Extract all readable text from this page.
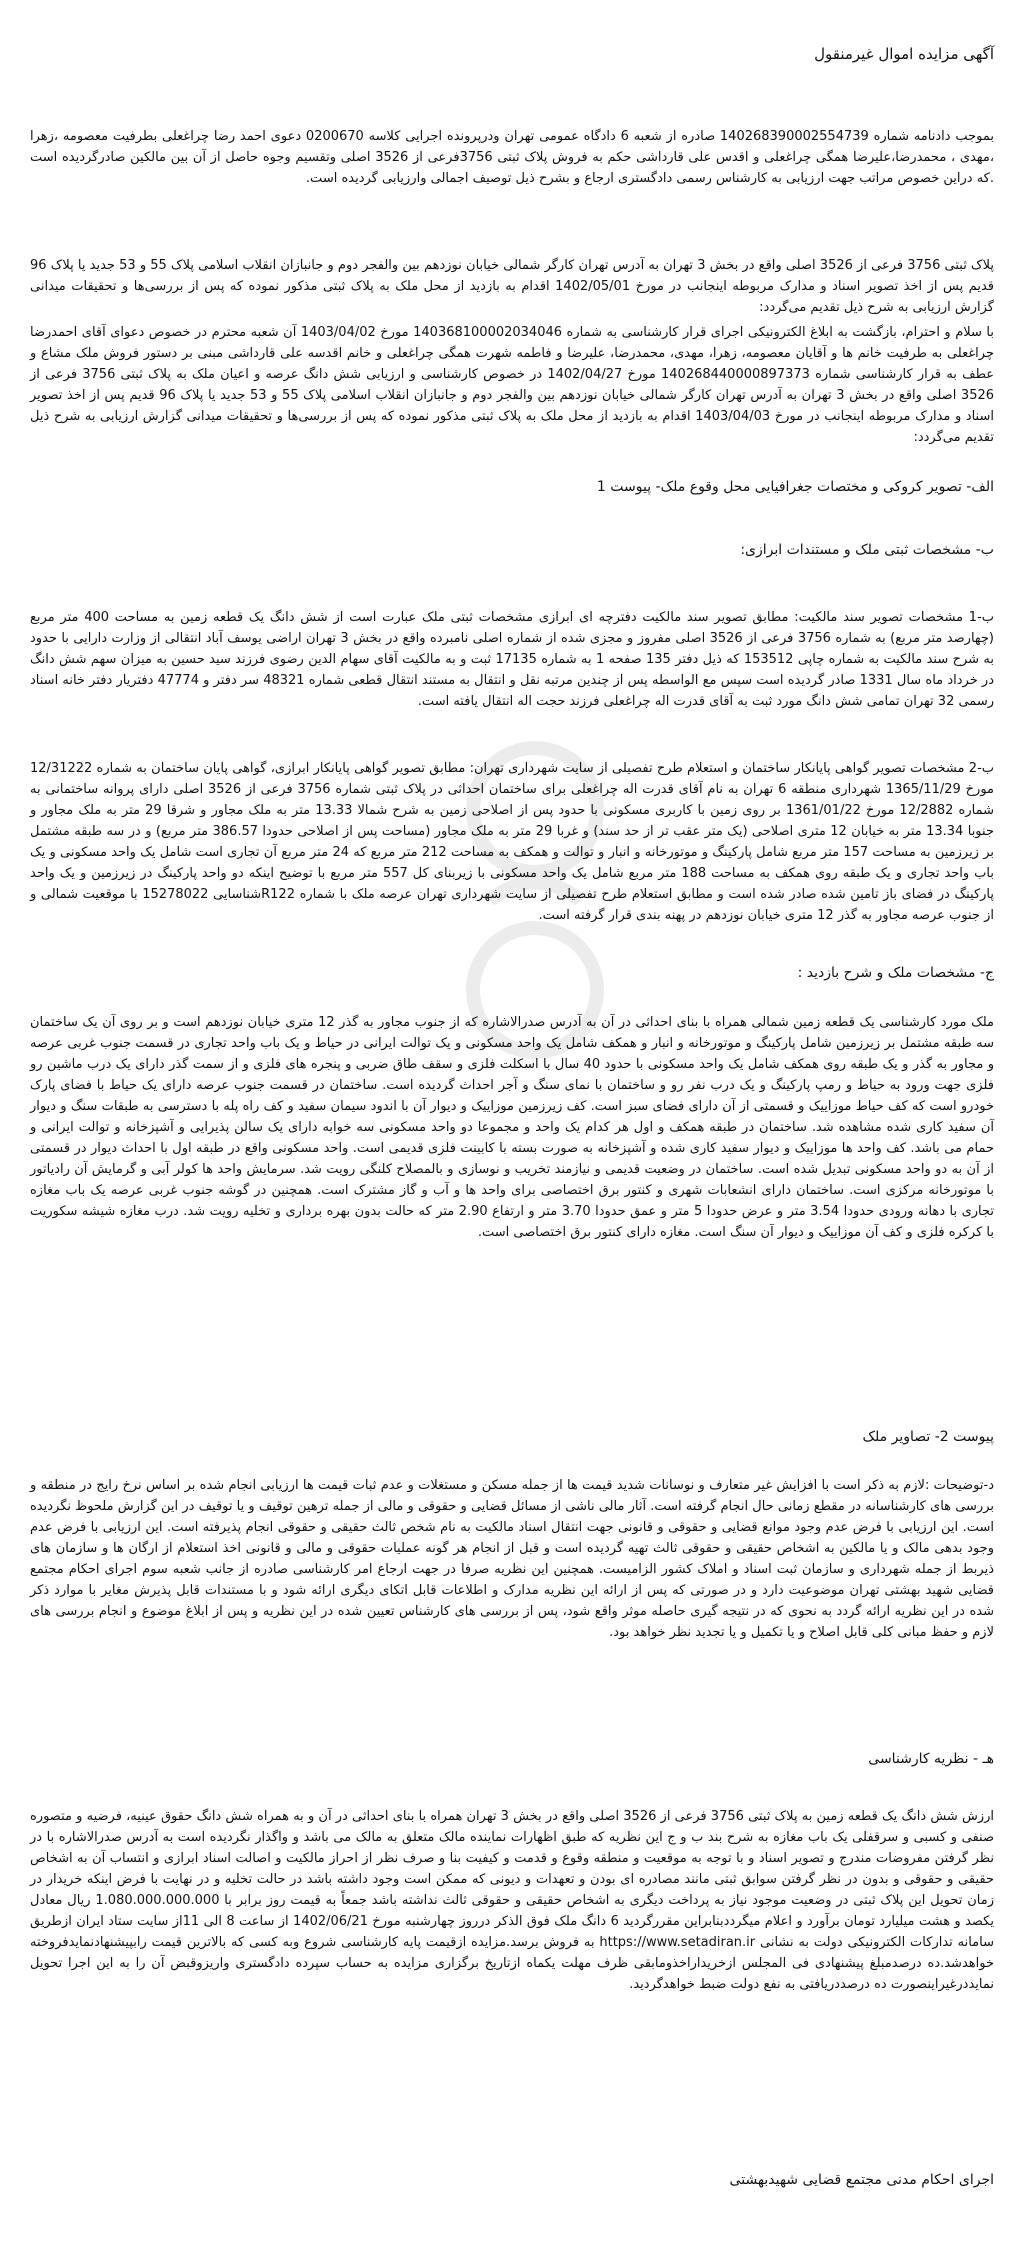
آگهی مزایده اموال غیرمنقول
بموجب دادنامه شماره 140268390002554739 صادره از شعبه 6 دادگاه عمومی تهران ودرپرونده اجرایی کلاسه 0200670 دعوی احمد رضا چراغعلی بطرفیت معصومه ،زهرا ،مهدی ، محمدرضا،علیرضا همگی چراغعلی و اقدس علی قارداشی حکم به فروش پلاک ثبتی 3756فرعی از 3526 اصلی وتقسیم وجوه حاصل از آن بین مالکین صادرگردیده است .که دراین خصوص مراتب جهت ارزیابی به کارشناس رسمی دادگستری ارجاع و بشرح ذیل توصیف اجمالی وارزیابی گردیده است.
پلاک ثبتی 3756 فرعی از 3526 اصلی واقع در بخش 3 تهران به آدرس تهران کارگر شمالی خیابان نوزدهم بین والفجر دوم و جانبازان انقلاب اسلامی پلاک 55 و 53 جدید یا پلاک 96 قدیم پس از اخذ تصویر اسناد و مدارک مربوطه اینجانب در مورخ 1402/05/01 اقدام به بازدید از محل ملک به پلاک ثبتی مذکور نموده که پس از بررسی‌ها و تحقیقات میدانی گزارش ارزیابی به شرح ذیل تقدیم می‌گردد:
با سلام و احترام، بازگشت به ابلاغ الکترونیکی اجرای قرار کارشناسی به شماره 140368100002034046 مورخ 1403/04/02 آن شعبه محترم در خصوص دعوای آقای احمدرضا چراغعلی به طرفیت خانم ها و آقایان معصومه، زهرا، مهدی، محمدرضا، علیرضا و فاطمه شهرت همگی چراغعلی و خانم اقدسه علی قارداشی مبنی بر دستور فروش ملک مشاع و عطف به قرار کارشناسی شماره 140268440000897373 مورخ 1402/04/27 در خصوص کارشناسی و ارزیابی شش دانگ عرصه و اعیان ملک به پلاک ثبتی 3756 فرعی از 3526 اصلی واقع در بخش 3 تهران به آدرس تهران کارگر شمالی خیابان نوزدهم بین والفجر دوم و جانبازان انقلاب اسلامی پلاک 55 و 53 جدید یا پلاک 96 قدیم پس از اخذ تصویر اسناد و مدارک مربوطه اینجانب در مورخ 1403/04/03 اقدام به بازدید از محل ملک به پلاک ثبتی مذکور نموده که پس از بررسی‌ها و تحقیقات میدانی گزارش ارزیابی به شرح ذیل تقدیم می‌گردد:
الف- تصویر کروکی و مختصات جغرافیایی محل وقوع ملک- پیوست 1
ب- مشخصات ثبتی ملک و مستندات ابرازی:
ب-1 مشخصات تصویر سند مالکیت: مطابق تصویر سند مالکیت دفترچه ای ابرازی مشخصات ثبتی ملک عبارت است از شش دانگ یک قطعه زمین به مساحت 400 متر مربع (چهارصد متر مربع) به شماره 3756 فرعی از 3526 اصلی مفروز و مجزی شده از شماره اصلی نامبرده واقع در بخش 3 تهران اراضی یوسف آباد انتقالی از وزارت دارایی با حدود به شرح سند مالکیت به شماره چاپی 153512 که ذیل دفتر 135 صفحه 1 به شماره 17135 ثبت و به مالکیت آقای سهام الدین رضوی فرزند سید حسین به میزان سهم شش دانگ در خرداد ماه سال 1331 صادر گردیده است سپس مع الواسطه پس از چندین مرتبه نقل و انتقال به مستند انتقال قطعی شماره 48321 سر دفتر و 47774 دفتریار دفتر خانه اسناد رسمی 32 تهران تمامی شش دانگ مورد ثبت به آقای قدرت اله چراغعلی فرزند حجت اله انتقال یافته است.
ب-2 مشخصات تصویر گواهی پایانکار ساختمان و استعلام طرح تفصیلی از سایت شهرداری تهران: مطابق تصویر گواهی پایانکار ابرازی، گواهی پایان ساختمان به شماره 12/31222 مورخ 1365/11/29 شهرداری منطقه 6 تهران به نام آقای قدرت اله چراغعلی برای ساختمان احداثی در پلاک ثبتی شماره 3756 فرعی از 3526 اصلی دارای پروانه ساختمانی به شماره 12/2882 مورخ 1361/01/22 بر روی زمین با کاربری مسکونی با حدود پس از اصلاحی زمین به شرح شمالا 13.33 متر به ملک مجاور و شرقا 29 متر به ملک مجاور و جنوبا 13.34 متر به خیابان 12 متری اصلاحی (یک متر عقب تر از حد سند) و غربا 29 متر به ملک مجاور (مساحت پس از اصلاحی حدودا 386.57 متر مربع) و در سه طبقه مشتمل بر زیرزمین به مساحت 157 متر مربع شامل پارکینگ و موتورخانه و انبار و توالت و همکف به مساحت 212 متر مربع که 24 متر مربع آن تجاری است شامل یک واحد مسکونی و یک باب واحد تجاری و یک طبقه روی همکف به مساحت 188 متر مربع شامل یک واحد مسکونی با زیربنای کل 557 متر مربع با توضیح اینکه دو واحد پارکینگ در زیرزمین و یک واحد پارکینگ در فضای باز تامین شده صادر شده است و مطابق استعلام طرح تفصیلی از سایت شهرداری تهران عرصه ملک با شماره R122شناسایی 15278022 با موقعیت شمالی و از جنوب عرصه مجاور به گذر 12 متری خیابان نوزدهم در پهنه بندی قرار گرفته است.
ج- مشخصات ملک و شرح بازدید :
ملک مورد کارشناسی یک قطعه زمین شمالی همراه با بنای احداثی در آن به آدرس صدرالاشاره که از جنوب مجاور به گذر 12 متری خیابان نوزدهم است و بر روی آن یک ساختمان سه طبقه مشتمل بر زیرزمین شامل پارکینگ و موتورخانه و انبار و همکف شامل یک واحد مسکونی و یک توالت ایرانی در حیاط و یک باب واحد تجاری در قسمت جنوب غربی عرصه و مجاور به گذر و یک طبقه روی همکف شامل یک واحد مسکونی با حدود 40 سال با اسکلت فلزی و سقف طاق ضربی و پنجره های فلزی و از سمت گذر دارای یک درب ماشین رو فلزی جهت ورود به حیاط و رمپ پارکینگ و یک درب نفر رو و ساختمان با نمای سنگ و آجر احداث گردیده است. ساختمان در قسمت جنوب عرصه دارای یک حیاط با فضای پارک خودرو است که کف حیاط موزاییک و قسمتی از آن دارای فضای سبز است. کف زیرزمین موزاییک و دیوار آن با اندود سیمان سفید و کف راه پله با دسترسی به طبقات سنگ و دیوار آن سفید کاری شده مشاهده شد. ساختمان در طبقه همکف و اول هر کدام یک واحد و مجموعا دو واحد مسکونی سه خوابه دارای یک سالن پذیرایی و آشپزخانه و توالت ایرانی و حمام می باشد. کف واحد ها موزاییک و دیوار سفید کاری شده و آشپزخانه به صورت بسته با کابینت فلزی قدیمی است. واحد مسکونی واقع در طبقه اول با احداث دیوار در قسمتی از آن به دو واحد مسکونی تبدیل شده است. ساختمان در وضعیت قدیمی و نیازمند تخریب و نوسازی و بالمصلاح کلنگی رویت شد. سرمایش واحد ها کولر آبی و گرمایش آن رادیاتور با موتورخانه مرکزی است. ساختمان دارای انشعابات شهری و کنتور برق اختصاصی برای واحد ها و آب و گاز مشترک است. همچنین در گوشه جنوب غربی عرصه یک باب مغازه تجاری با دهانه ورودی حدودا 3.54 متر و عرض حدودا 5 متر و عمق حدودا 3.70 متر و ارتفاع 2.90 متر که حالت بدون بهره برداری و تخلیه رویت شد. درب مغازه شیشه سکوریت با کرکره فلزی و کف آن موزاییک و دیوار آن سنگ است. مغازه دارای کنتور برق اختصاصی است.
پیوست 2- تصاویر ملک
د-توضیحات :لازم به ذکر است با افزایش غیر متعارف و نوسانات شدید قیمت ها از جمله مسکن و مستغلات و عدم ثبات قیمت ها ارزیابی انجام شده بر اساس نرخ رایج در منطقه و بررسی های کارشناسانه در مقطع زمانی حال انجام گرفته است. آثار مالی ناشی از مسائل قضایی و حقوقی و مالی از جمله ترهین توقیف و یا توقیف در این گزارش ملحوظ نگردیده است. این ارزیابی با فرض عدم وجود موانع قضایی و حقوقی و قانونی جهت انتقال اسناد مالکیت به نام شخص ثالث حقیقی و حقوقی انجام پذیرفته است. این ارزیابی با فرض عدم وجود بدهی مالک و یا مالکین به اشخاص حقیقی و حقوقی ثالث تهیه گردیده است و قبل از انجام هر گونه عملیات حقوقی و مالی و قانونی اخذ استعلام از ارگان ها و سازمان های ذیربط از جمله شهرداری و سازمان ثبت اسناد و املاک کشور الزامیست. همچنین این نظریه صرفا در جهت ارجاع امر کارشناسی صادره از جانب شعبه سوم اجرای احکام مجتمع قضایی شهید بهشتی تهران موضوعیت دارد و در صورتی که پس از ارائه این نظریه مدارک و اطلاعات قابل اتکای دیگری ارائه شود و با مستندات قابل پذیرش مغایر با موارد ذکر شده در این نظریه ارائه گردد به نحوی که در نتیجه گیری حاصله موثر واقع شود، پس از بررسی های کارشناس تعیین شده در این نظریه و پس از ابلاغ موضوع و انجام بررسی های لازم و حفظ مبانی کلی قابل اصلاح و یا تکمیل و یا تجدید نظر خواهد بود.
هـ - نظریه کارشناسی
ارزش شش دانگ یک قطعه زمین به پلاک ثبتی 3756 فرعی از 3526 اصلی واقع در بخش 3 تهران همراه با بنای احداثی در آن و به همراه شش دانگ حقوق عینیه، فرضیه و متصوره صنفی و کسبی و سرقفلی یک باب مغازه به شرح بند ب و ج این نظریه که طبق اظهارات نماینده مالک متعلق به مالک می باشد و واگذار نگردیده است به آدرس صدرالاشاره با در نظر گرفتن مفروضات مندرج و تصویر اسناد و با توجه به موقعیت و منطقه وقوع و قدمت و کیفیت بنا و صرف نظر از احراز مالکیت و اصالت اسناد ابرازی و انتساب آن به اشخاص حقیقی و حقوقی و بدون در نظر گرفتن سوابق ثبتی مانند مصادره ای بودن و تعهدات و دیونی که ممکن است وجود داشته باشد در حالت تخلیه و در نهایت با فرض اینکه خریدار در زمان تحویل این پلاک ثبتی در وضعیت موجود نیاز به پرداخت دیگری به اشخاص حقیقی و حقوقی ثالث نداشته باشد جمعاً به قیمت روز برابر با 1.080.000.000.000 ریال معادل یکصد و هشت میلیارد تومان برآورد و اعلام میگرددبنابراین مقررگردید 6 دانگ ملک فوق الذکر درروز چهارشنبه مورخ 1402/06/21 از ساعت 8 الی 11از سایت ستاد ایران ازطریق سامانه تدارکات الکترونیکی دولت به نشانی https://www.setadiran.ir به فروش برسد.مزایده ازقیمت پایه کارشناسی شروع وبه کسی که بالاترین قیمت رابپیشنهادنمایدفروخته خواهدشد.ده درصدمبلغ پیشنهادی فی المجلس ازخریداراخذومابقی ظرف مهلت یکماه ازتاریخ برگزاری مزایده به حساب سپرده دادگستری واریزوقبض آن را به این اجرا تحویل نمایددرغیراینصورت ده درصددریافتی به نفع دولت ضبط خواهدگردید.
اجرای احکام مدنی مجتمع قضایی شهیدبهشتی
